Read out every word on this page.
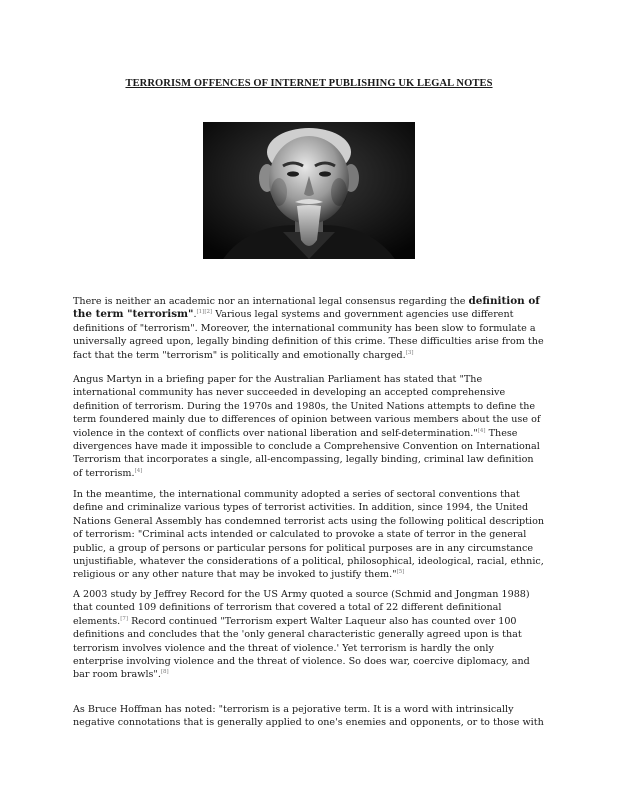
TERRORISM OFFENCES OF INTERNET PUBLISHING UK LEGAL NOTES
There is neither an academic nor an international legal consensus regarding the definition of
the term "terrorism".[1][2] Various legal systems and government agencies use different
definitions of "terrorism". Moreover, the international community has been slow to formulate a
universally agreed upon, legally binding definition of this crime. These difficulties arise from the
fact that the term "terrorism" is politically and emotionally charged.[3]
Angus Martyn in a briefing paper for the Australian Parliament has stated that "The
international community has never succeeded in developing an accepted comprehensive
definition of terrorism. During the 1970s and 1980s, the United Nations attempts to define the
term foundered mainly due to differences of opinion between various members about the use of
violence in the context of conflicts over national liberation and self-determination."[4] These
divergences have made it impossible to conclude a Comprehensive Convention on International
Terrorism that incorporates a single, all-encompassing, legally binding, criminal law definition
of terrorism.[4]
In the meantime, the international community adopted a series of sectoral conventions that
define and criminalize various types of terrorist activities. In addition, since 1994, the United
Nations General Assembly has condemned terrorist acts using the following political description
of terrorism: "Criminal acts intended or calculated to provoke a state of terror in the general
public, a group of persons or particular persons for political purposes are in any circumstance
unjustifiable, whatever the considerations of a political, philosophical, ideological, racial, ethnic,
religious or any other nature that may be invoked to justify them."[5]
A 2003 study by Jeffrey Record for the US Army quoted a source (Schmid and Jongman 1988)
that counted 109 definitions of terrorism that covered a total of 22 different definitional
elements.[7] Record continued "Terrorism expert Walter Laqueur also has counted over 100
definitions and concludes that the 'only general characteristic generally agreed upon is that
terrorism involves violence and the threat of violence.' Yet terrorism is hardly the only
enterprise involving violence and the threat of violence. So does war, coercive diplomacy, and
bar room brawls".[8]
As Bruce Hoffman has noted: "terrorism is a pejorative term. It is a word with intrinsically
negative connotations that is generally applied to one's enemies and opponents, or to those with
